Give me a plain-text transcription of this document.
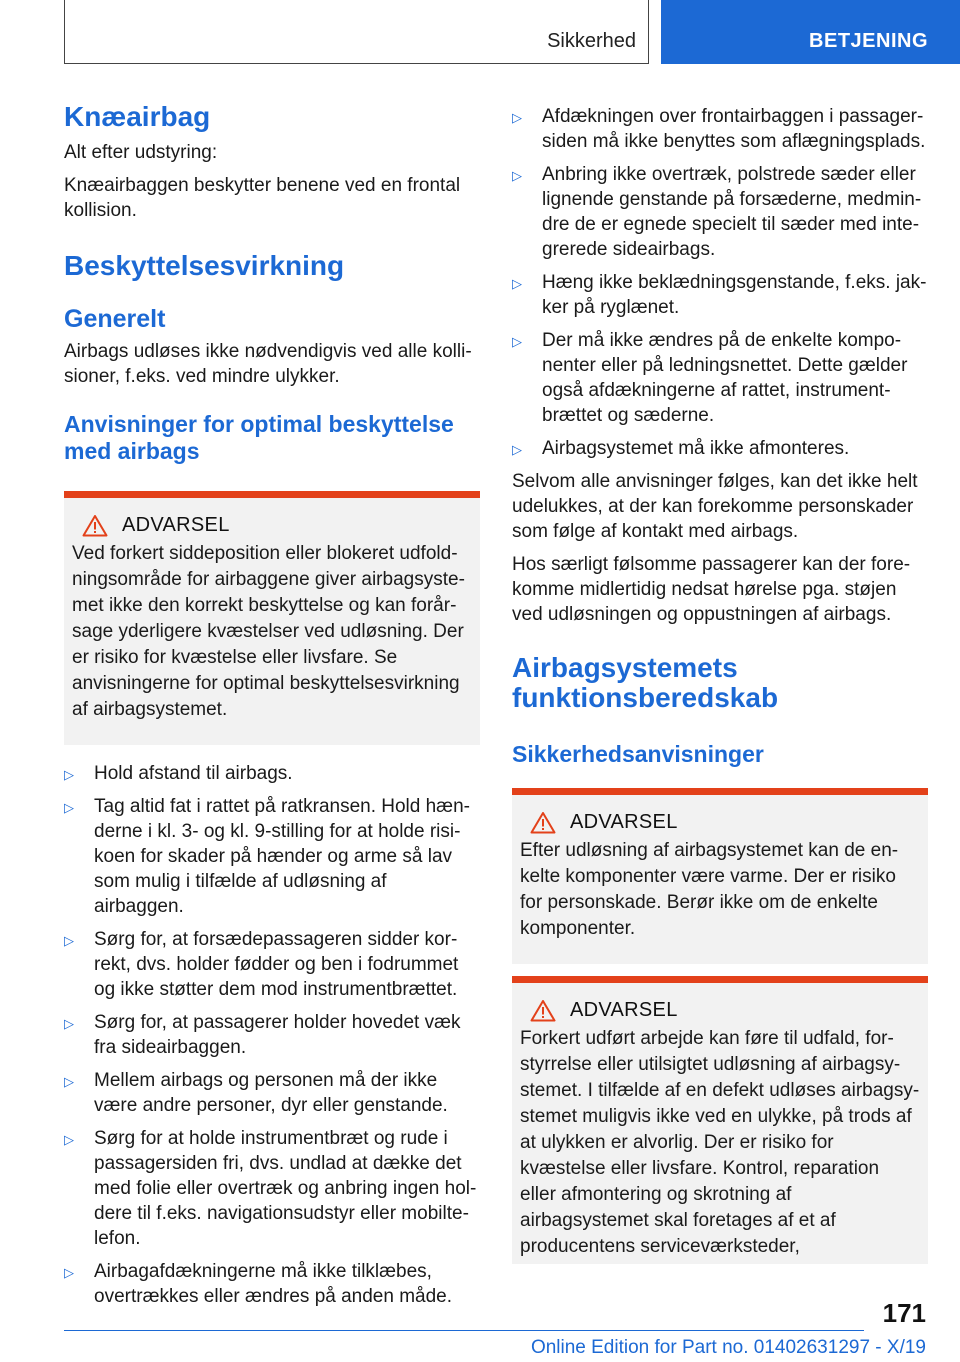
Sikkerhed	BETJENING
Knæairbag
Alt efter udstyring:
Knæairbaggen beskytter benene ved en frontal kollision.
Beskyttelsesvirkning
Generelt
Airbags udløses ikke nødvendigvis ved alle kollisioner, f.eks. ved mindre ulykker.
Anvisninger for optimal beskyttelse med airbags
ADVARSEL
Ved forkert siddeposition eller blokeret udfoldningsområde for airbaggene giver airbagsystemet ikke den korrekt beskyttelse og kan forårsage yderligere kvæstelser ved udløsning. Der er risiko for kvæstelse eller livsfare. Se anvisningerne for optimal beskyttelsesvirkning af airbagsystemet.
▷ Hold afstand til airbags.
▷ Tag altid fat i rattet på ratkransen. Hold hænderne i kl. 3- og kl. 9-stilling for at holde risikoen for skader på hænder og arme så lav som mulig i tilfælde af udløsning af airbaggen.
▷ Sørg for, at forsædepassageren sidder korrekt, dvs. holder fødder og ben i fodrummet og ikke støtter dem mod instrumentbrættet.
▷ Sørg for, at passagerer holder hovedet væk fra sideairbaggen.
▷ Mellem airbags og personen må der ikke være andre personer, dyr eller genstande.
▷ Sørg for at holde instrumentbræt og rude i passagersiden fri, dvs. undlad at dække det med folie eller overtræk og anbring ingen holdere til f.eks. navigationsudstyr eller mobiltelefon.
▷ Airbagafdækningerne må ikke tilklæbes, overtrækkes eller ændres på anden måde.
▷ Afdækningen over frontairbaggen i passagersiden må ikke benyttes som aflægningsplads.
▷ Anbring ikke overtræk, polstrede sæder eller lignende genstande på forsæderne, medmindre de er egnede specielt til sæder med integrerede sideairbags.
▷ Hæng ikke beklædningsgenstande, f.eks. jakker på ryglænet.
▷ Der må ikke ændres på de enkelte komponenter eller på ledningsnettet. Dette gælder også afdækningerne af rattet, instrumentbrættet og sæderne.
▷ Airbagsystemet må ikke afmonteres.
Selvom alle anvisninger følges, kan det ikke helt udelukkes, at der kan forekomme personskader som følge af kontakt med airbags.
Hos særligt følsomme passagerer kan der forekomme midlertidig nedsat hørelse pga. støjen ved udløsningen og oppustningen af airbags.
Airbagsystemets funktionsberedskab
Sikkerhedsanvisninger
ADVARSEL
Efter udløsning af airbagsystemet kan de enkelte komponenter være varme. Der er risiko for personskade. Berør ikke om de enkelte komponenter.
ADVARSEL
Forkert udført arbejde kan føre til udfald, forstyrrelse eller utilsigtet udløsning af airbagsystemet. I tilfælde af en defekt udløses airbagsystemet muligvis ikke ved en ulykke, på trods af at ulykken er alvorlig. Der er risiko for kvæstelse eller livsfare. Kontrol, reparation eller afmontering og skrotning af airbagsystemet skal foretages af et af producentens serviceværksteder,
171
Online Edition for Part no. 01402631297 - X/19
